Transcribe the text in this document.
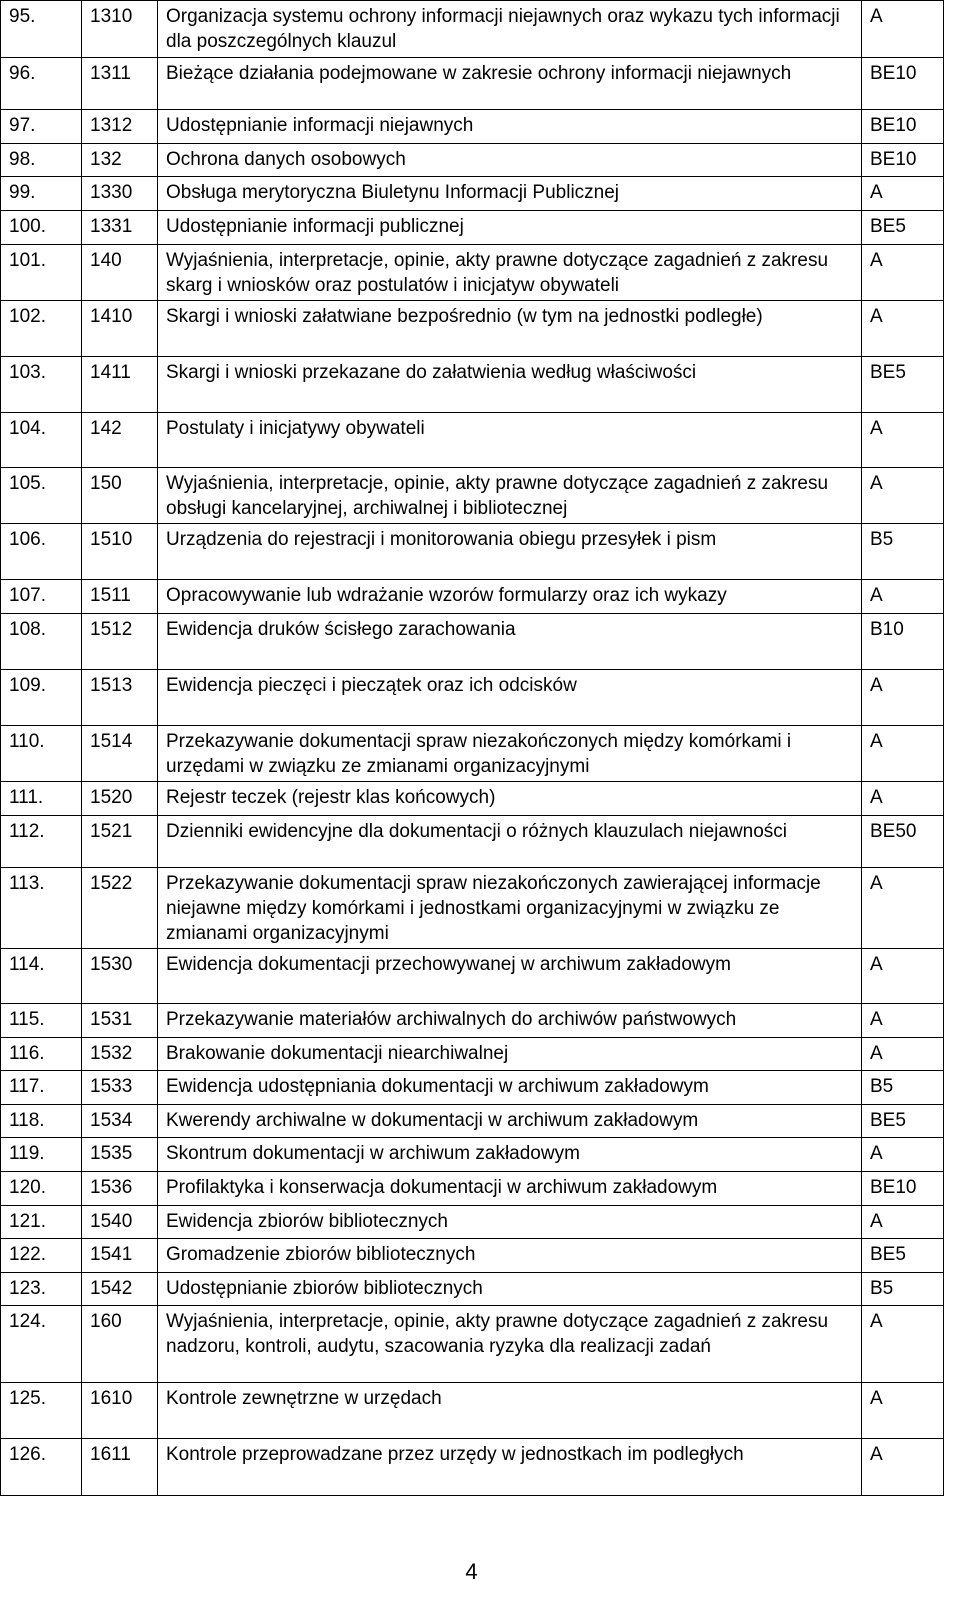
95.	1310	Organizacja systemu ochrony informacji niejawnych oraz wykazu tych informacji dla poszczególnych klauzul	A
96.	1311	Bieżące działania podejmowane w zakresie ochrony informacji niejawnych	BE10
97.	1312	Udostępnianie informacji niejawnych	BE10
98.	132	Ochrona danych osobowych	BE10
99.	1330	Obsługa merytoryczna Biuletynu Informacji Publicznej	A
100.	1331	Udostępnianie informacji publicznej	BE5
101.	140	Wyjaśnienia, interpretacje, opinie, akty prawne dotyczące zagadnień z zakresu skarg i wniosków oraz postulatów i inicjatyw obywateli	A
102.	1410	Skargi i wnioski załatwiane bezpośrednio (w tym na jednostki podległe)	A
103.	1411	Skargi i wnioski przekazane do załatwienia według właściwości	BE5
104.	142	Postulaty i inicjatywy obywateli	A
105.	150	Wyjaśnienia, interpretacje, opinie, akty prawne dotyczące zagadnień z zakresu obsługi kancelaryjnej, archiwalnej i bibliotecznej	A
106.	1510	Urządzenia do rejestracji i monitorowania obiegu przesyłek i pism	B5
107.	1511	Opracowywanie lub wdrażanie wzorów formularzy oraz ich wykazy	A
108.	1512	Ewidencja druków ścisłego zarachowania	B10
109.	1513	Ewidencja pieczęci i pieczątek oraz ich odcisków	A
110.	1514	Przekazywanie dokumentacji spraw niezakończonych między komórkami i urzędami w związku ze zmianami organizacyjnymi	A
111.	1520	Rejestr teczek (rejestr klas końcowych)	A
112.	1521	Dzienniki ewidencyjne dla dokumentacji o różnych klauzulach niejawności	BE50
113.	1522	Przekazywanie dokumentacji spraw niezakończonych zawierającej informacje niejawne między komórkami i jednostkami organizacyjnymi w związku ze zmianami organizacyjnymi	A
114.	1530	Ewidencja dokumentacji przechowywanej w archiwum zakładowym	A
115.	1531	Przekazywanie materiałów archiwalnych do archiwów państwowych	A
116.	1532	Brakowanie dokumentacji niearchiwalnej	A
117.	1533	Ewidencja udostępniania dokumentacji w archiwum zakładowym	B5
118.	1534	Kwerendy archiwalne w dokumentacji w archiwum zakładowym	BE5
119.	1535	Skontrum dokumentacji w archiwum zakładowym	A
120.	1536	Profilaktyka i konserwacja dokumentacji w archiwum zakładowym	BE10
121.	1540	Ewidencja zbiorów bibliotecznych	A
122.	1541	Gromadzenie zbiorów bibliotecznych	BE5
123.	1542	Udostępnianie zbiorów bibliotecznych	B5
124.	160	Wyjaśnienia, interpretacje, opinie, akty prawne dotyczące zagadnień z zakresu nadzoru, kontroli, audytu, szacowania ryzyka dla realizacji zadań	A
125.	1610	Kontrole zewnętrzne w urzędach	A
126.	1611	Kontrole przeprowadzane przez urzędy w jednostkach im podległych	A
4
